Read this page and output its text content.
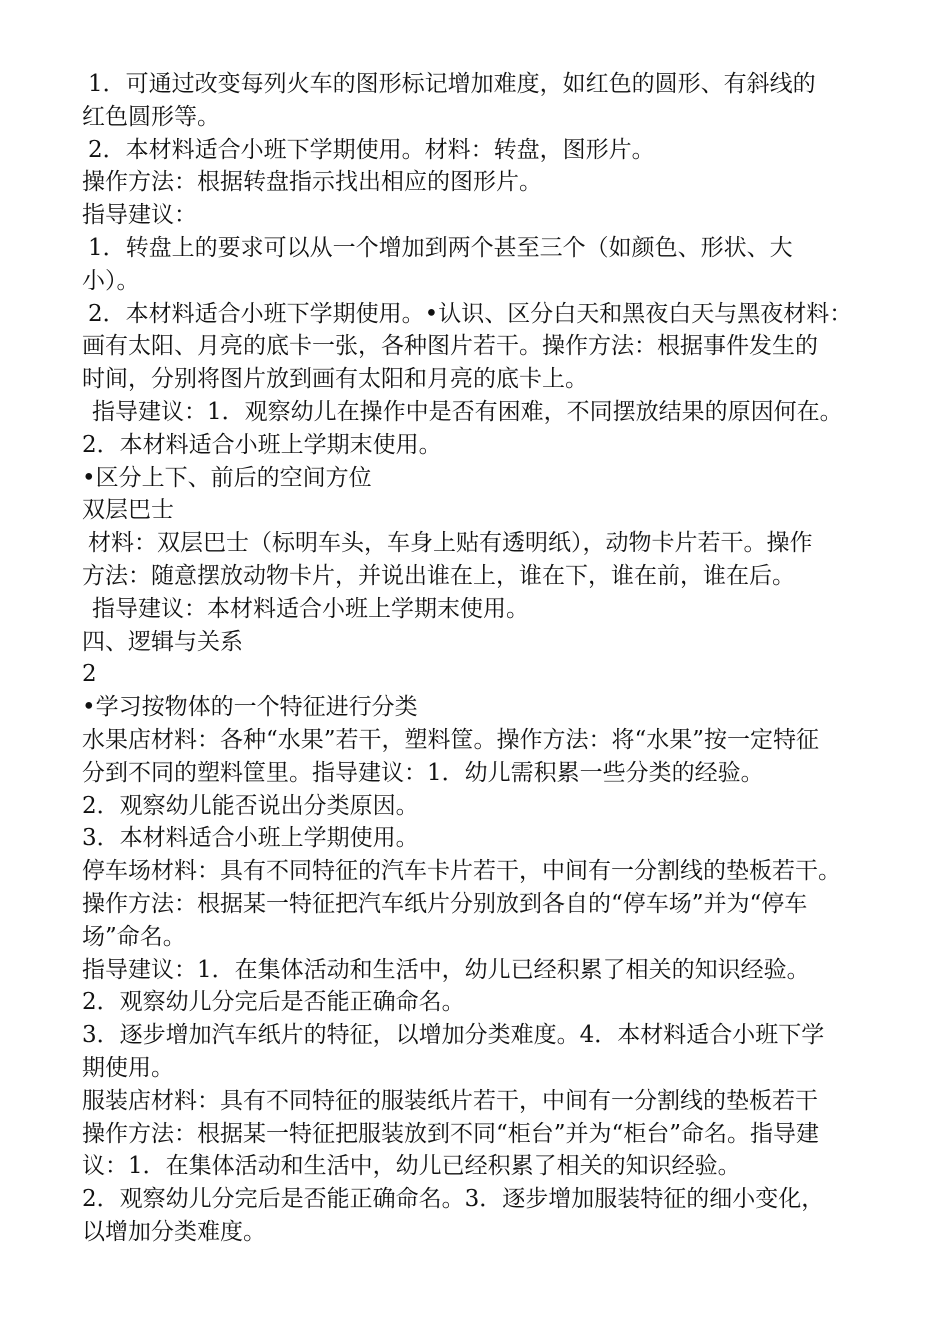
1．可通过改变每列火车的图形标记增加难度，如红色的圆形、有斜线的
红色圆形等。
2．本材料适合小班下学期使用。材料：转盘，图形片。
操作方法：根据转盘指示找出相应的图形片。
指导建议：
1．转盘上的要求可以从一个增加到两个甚至三个（如颜色、形状、大
小）。
2．本材料适合小班下学期使用。•认识、区分白天和黑夜白天与黑夜材料：
画有太阳、月亮的底卡一张，各种图片若干。操作方法：根据事件发生的
时间，分别将图片放到画有太阳和月亮的底卡上。
指导建议：1．观察幼儿在操作中是否有困难，不同摆放结果的原因何在。
2．本材料适合小班上学期末使用。
•区分上下、前后的空间方位
双层巴士
材料：双层巴士（标明车头，车身上贴有透明纸），动物卡片若干。操作
方法：随意摆放动物卡片，并说出谁在上，谁在下，谁在前，谁在后。
指导建议：本材料适合小班上学期末使用。
四、逻辑与关系
2
•学习按物体的一个特征进行分类
水果店材料：各种“水果”若干，塑料筐。操作方法：将“水果”按一定特征
分到不同的塑料筐里。指导建议：1．幼儿需积累一些分类的经验。
2．观察幼儿能否说出分类原因。
3．本材料适合小班上学期使用。
停车场材料：具有不同特征的汽车卡片若干，中间有一分割线的垫板若干。
操作方法：根据某一特征把汽车纸片分别放到各自的“停车场”并为“停车
场”命名。
指导建议：1．在集体活动和生活中，幼儿已经积累了相关的知识经验。
2．观察幼儿分完后是否能正确命名。
3．逐步增加汽车纸片的特征，以增加分类难度。4．本材料适合小班下学
期使用。
服装店材料：具有不同特征的服装纸片若干，中间有一分割线的垫板若干
操作方法：根据某一特征把服装放到不同“柜台”并为“柜台”命名。指导建
议：1．在集体活动和生活中，幼儿已经积累了相关的知识经验。
2．观察幼儿分完后是否能正确命名。3．逐步增加服装特征的细小变化，
以增加分类难度。
